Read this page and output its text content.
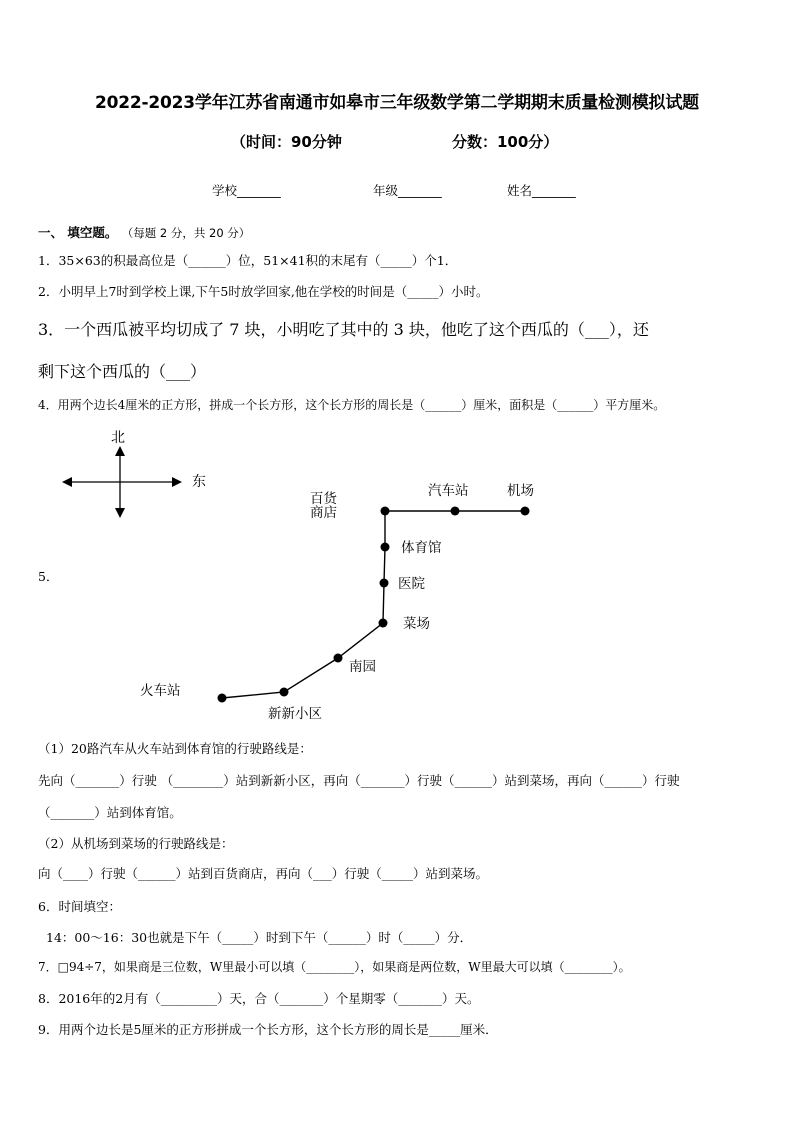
2022-2023学年江苏省南通市如皋市三年级数学第二学期期末质量检测模拟试题
（时间：90分钟	分数：100分）
学校_______	年级_______	姓名_______
一、 填空题。 （每题 2 分，共 20 分）
1．35×63的积最高位是（______）位，51×41积的末尾有（_____）个1．
2．小明早上7时到学校上课,下午5时放学回家,他在学校的时间是（_____）小时。
3．一个西瓜被平均切成了 7 块，小明吃了其中的 3 块，他吃了这个西瓜的（___），还
剩下这个西瓜的（___）
4．用两个边长4厘米的正方形，拼成一个长方形，这个长方形的周长是（______）厘米，面积是（______）平方厘米。
5．
北
东
百货
商店
汽车站	机场
体育馆
医院
菜场
南园
火车站
新新小区
（1）20路汽车从火车站到体育馆的行驶路线是：
先向（_______）行驶 （________）站到新新小区，再向（_______）行驶（______）站到菜场，再向（______）行驶
（_______）站到体育馆。
（2）从机场到菜场的行驶路线是：
向（____）行驶（______）站到百货商店，再向（___）行驶（_____）站到菜场。
6．时间填空：
14：00～16：30也就是下午（_____）时到下午（______）时（_____）分．
7．□94÷7，如果商是三位数，W里最小可以填（________），如果商是两位数，W里最大可以填（________）。
8．2016年的2月有（_________）天，合（_______）个星期零（_______）天。
9．用两个边长是5厘米的正方形拼成一个长方形，这个长方形的周长是_____厘米．
